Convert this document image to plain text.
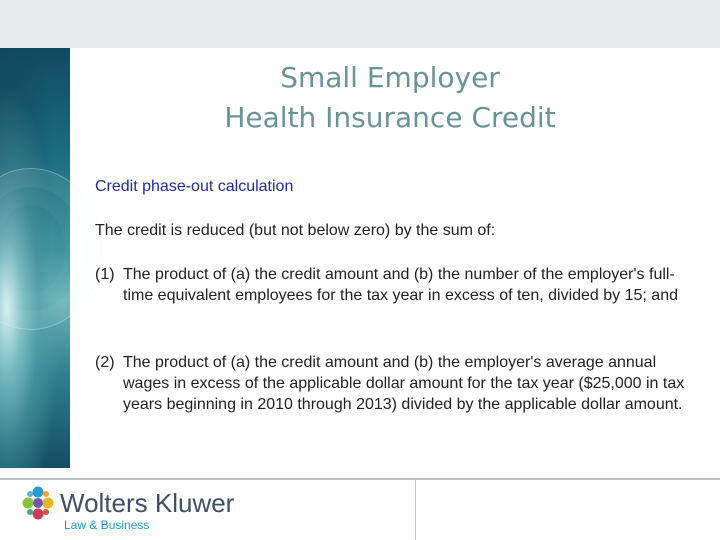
Small Employer
Health Insurance Credit
Credit phase-out calculation
The credit is reduced (but not below zero) by the sum of:
(1) The product of (a) the credit amount and (b) the number of the employer's full-time equivalent employees for the tax year in excess of ten, divided by 15; and
(2) The product of (a) the credit amount and (b) the employer's average annual wages in excess of the applicable dollar amount for the tax year ($25,000 in tax years beginning in 2010 through 2013) divided by the applicable dollar amount.
Wolters Kluwer
Law & Business
